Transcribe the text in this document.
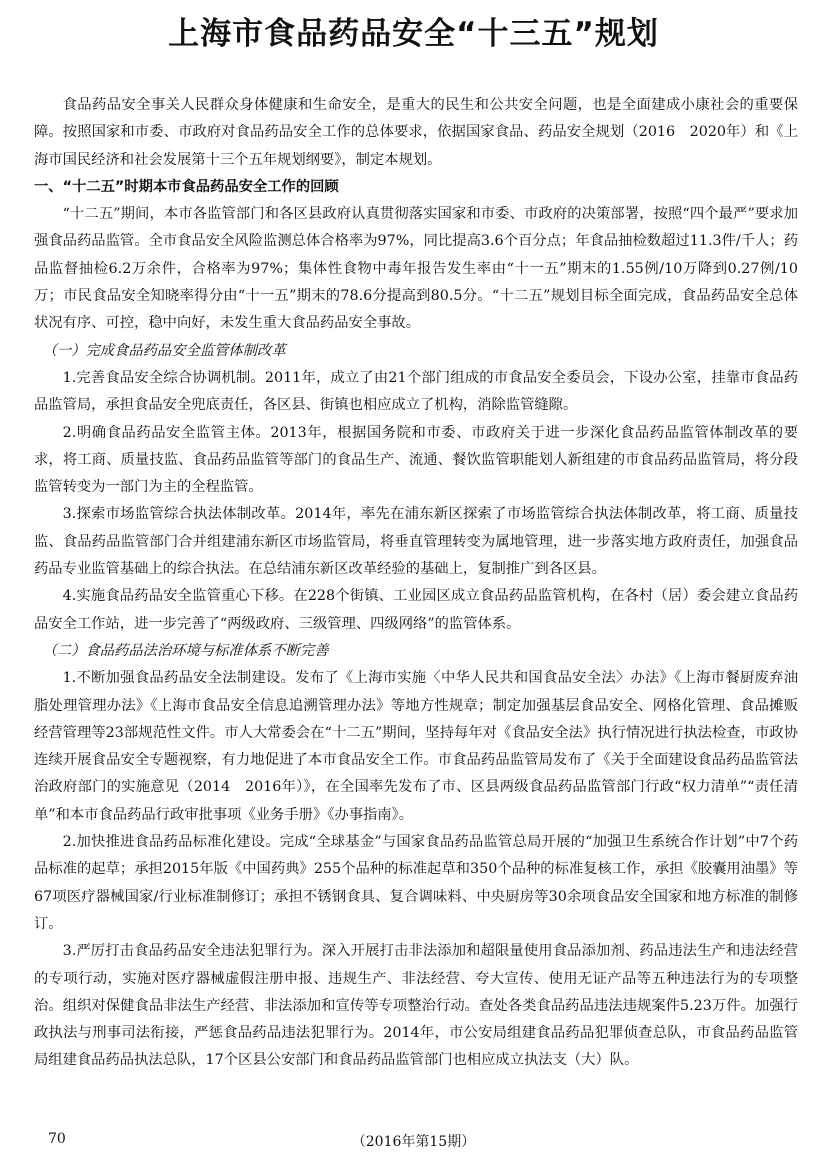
上海市食品药品安全“十三五”规划

食品药品安全事关人民群众身体健康和生命安全，是重大的民生和公共安全问题，也是全面建成小康社会的重要保障。按照国家和市委、市政府对食品药品安全工作的总体要求，依据国家食品、药品安全规划（2016　2020年）和《上海市国民经济和社会发展第十三个五年规划纲要》，制定本规划。

一、“十二五”时期本市食品药品安全工作的回顾

“十二五”期间，本市各监管部门和各区县政府认真贯彻落实国家和市委、市政府的决策部署，按照“四个最严”要求加强食品药品监管。全市食品安全风险监测总体合格率为97%，同比提高3.6个百分点；年食品抽检数超过11.3件/千人；药品监督抽检6.2万余件，合格率为97%；集体性食物中毒年报告发生率由“十一五”期末的1.55例/10万降到0.27例/10万；市民食品安全知晓率得分由“十一五”期末的78.6分提高到80.5分。“十二五”规划目标全面完成，食品药品安全总体状况有序、可控，稳中向好，未发生重大食品药品安全事故。

（一）完成食品药品安全监管体制改革

1.完善食品安全综合协调机制。2011年，成立了由21个部门组成的市食品安全委员会，下设办公室，挂靠市食品药品监管局，承担食品安全兜底责任，各区县、街镇也相应成立了机构，消除监管缝隙。

2.明确食品药品安全监管主体。2013年，根据国务院和市委、市政府关于进一步深化食品药品监管体制改革的要求，将工商、质量技监、食品药品监管等部门的食品生产、流通、餐饮监管职能划人新组建的市食品药品监管局，将分段监管转变为一部门为主的全程监管。

3.探索市场监管综合执法体制改革。2014年，率先在浦东新区探索了市场监管综合执法体制改革，将工商、质量技监、食品药品监管部门合并组建浦东新区市场监管局，将垂直管理转变为属地管理，进一步落实地方政府责任，加强食品药品专业监管基础上的综合执法。在总结浦东新区改革经验的基础上，复制推广到各区县。

4.实施食品药品安全监管重心下移。在228个街镇、工业园区成立食品药品监管机构，在各村（居）委会建立食品药品安全工作站，进一步完善了“两级政府、三级管理、四级网络”的监管体系。

（二）食品药品法治环境与标准体系不断完善

1.不断加强食品药品安全法制建设。发布了《上海市实施〈中华人民共和国食品安全法〉办法》《上海市餐厨废弃油脂处理管理办法》《上海市食品安全信息追溯管理办法》等地方性规章；制定加强基层食品安全、网格化管理、食品摊贩经营管理等23部规范性文件。市人大常委会在“十二五”期间，坚持每年对《食品安全法》执行情况进行执法检查，市政协连续开展食品安全专题视察，有力地促进了本市食品安全工作。市食品药品监管局发布了《关于全面建设食品药品监管法治政府部门的实施意见（2014　2016年）》，在全国率先发布了市、区县两级食品药品监管部门行政“权力清单”“责任清单”和本市食品药品行政审批事项《业务手册》《办事指南》。

2.加快推进食品药品标准化建设。完成“全球基金”与国家食品药品监管总局开展的“加强卫生系统合作计划”中7个药品标准的起草；承担2015年版《中国药典》255个品种的标准起草和350个品种的标准复核工作，承担《胶囊用油墨》等67项医疗器械国家/行业标准制修订；承担不锈钢食具、复合调味料、中央厨房等30余项食品安全国家和地方标准的制修订。

3.严厉打击食品药品安全违法犯罪行为。深入开展打击非法添加和超限量使用食品添加剂、药品违法生产和违法经营的专项行动，实施对医疗器械虚假注册申报、违规生产、非法经营、夸大宣传、使用无证产品等五种违法行为的专项整治。组织对保健食品非法生产经营、非法添加和宣传等专项整治行动。查处各类食品药品违法违规案件5.23万件。加强行政执法与刑事司法衔接，严惩食品药品违法犯罪行为。2014年，市公安局组建食品药品犯罪侦查总队，市食品药品监管局组建食品药品执法总队，17个区县公安部门和食品药品监管部门也相应成立执法支（大）队。

70	（2016年第15期）
